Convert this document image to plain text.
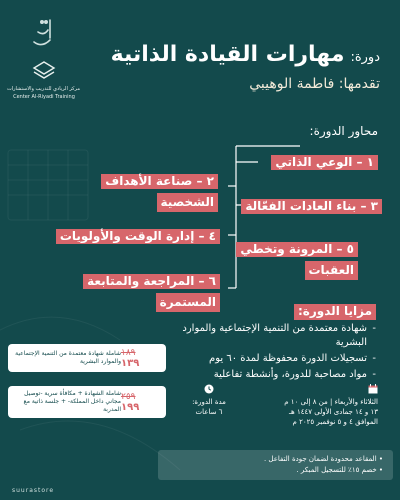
مركز الريادي للتدريب والاستشارات
Center Al-Riyadi Training
دورة:
مهارات القيادة الذاتية
تقدمها: فاطمة الوهيبي
محاور الدورة:
١ – الوعي الذاتي
٢ – صناعة الأهداف
الشخصية	٣ – بناء العادات الفعّالة
٤ – إدارة الوقت والأولويات
٥ – المرونة وتخطي
العقبات
٦ – المراجعة والمتابعة
المستمرة
مزايا الدورة:
- شهادة معتمدة من التنمية الإجتماعية والموارد البشرية
- تسجيلات الدورة محفوظة لمدة ٦٠ يوم
- مواد مصاحبة للدورة، وأنشطة تفاعلية
شاملة شهادة معتمدة من التنمية الإجتماعية والموارد البشرية
١٨٩
١٣٩
شاملة الشهادة + مكافأة سرية -توصيل مجاني داخل المملكة- + جلسة ذاتية مع المدربة
٢٥٩
١٩٩	الثلاثاء والأربعاء | من ٨ إلى ١٠ م
١٣ و ١٤ جمادى الأولى ١٤٤٧ هـ
الموافق ٤ و ٥ نوفمبر ٢٠٢٥ م
مدة الدورة:
٦ ساعات

• المقاعد محدودة لضمان جودة التفاعل .

• خصم ١٥٪ للتسجيل المبكر .

suurastore
